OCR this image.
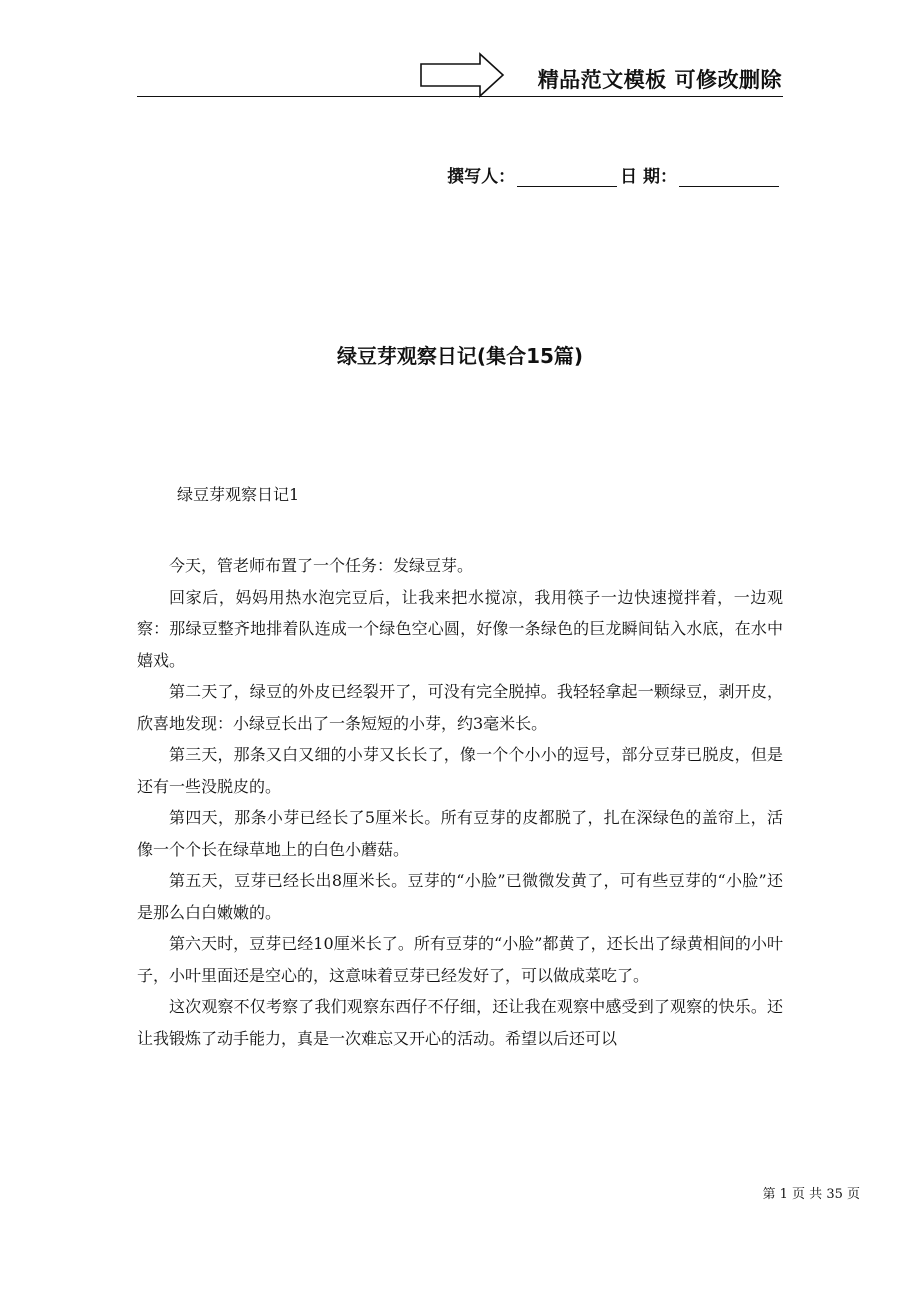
精品范文模板 可修改删除
撰写人：	日 期：
绿豆芽观察日记(集合15篇)
绿豆芽观察日记1

今天，管老师布置了一个任务：发绿豆芽。

回家后，妈妈用热水泡完豆后，让我来把水搅凉，我用筷子一边快速搅拌着，一边观察：那绿豆整齐地排着队连成一个绿色空心圆，好像一条绿色的巨龙瞬间钻入水底，在水中嬉戏。

第二天了，绿豆的外皮已经裂开了，可没有完全脱掉。我轻轻拿起一颗绿豆，剥开皮，欣喜地发现：小绿豆长出了一条短短的小芽，约3毫米长。

第三天，那条又白又细的小芽又长长了，像一个个小小的逗号，部分豆芽已脱皮，但是还有一些没脱皮的。

第四天，那条小芽已经长了5厘米长。所有豆芽的皮都脱了，扎在深绿色的盖帘上，活像一个个长在绿草地上的白色小蘑菇。

第五天，豆芽已经长出8厘米长。豆芽的“小脸”已微微发黄了，可有些豆芽的“小脸”还是那么白白嫩嫩的。

第六天时，豆芽已经10厘米长了。所有豆芽的“小脸”都黄了，还长出了绿黄相间的小叶子，小叶里面还是空心的，这意味着豆芽已经发好了，可以做成菜吃了。

这次观察不仅考察了我们观察东西仔不仔细，还让我在观察中感受到了观察的快乐。还让我锻炼了动手能力，真是一次难忘又开心的活动。希望以后还可以

第 1 页 共 35 页
